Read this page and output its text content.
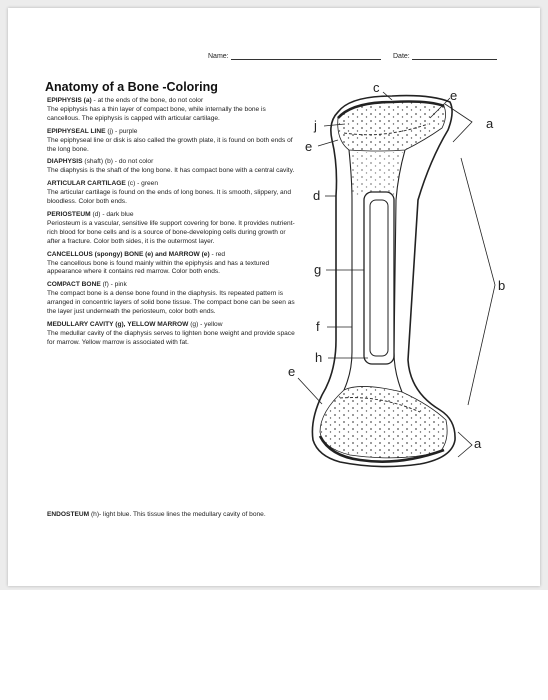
Name:	Date:
Anatomy of a Bone -Coloring
EPIPHYSIS (a) - at the ends of the bone, do not color
The epiphysis has a thin layer of compact bone, while internally the bone is cancellous. The epiphysis is capped with articular cartilage.
EPIPHYSEAL LINE (j) - purple
The epiphyseal line or disk is also called the growth plate, it is found on both ends of the long bone.
DIAPHYSIS (shaft) (b) - do not color
The diaphysis is the shaft of the long bone. It has compact bone with a central cavity.
ARTICULAR CARTILAGE (c) - green
The articular cartilage is found on the ends of long bones. It is smooth, slippery, and bloodless. Color both ends.
PERIOSTEUM (d) - dark blue
Periosteum is a vascular, sensitive life support covering for bone. It provides nutrient-rich blood for bone cells and is a source of bone-developing cells during growth or after a fracture. Color both sides, it is the outermost layer.
CANCELLOUS (spongy) BONE (e) and MARROW (e) - red
The cancellous bone is found mainly within the epiphysis and has a textured appearance where it contains red marrow. Color both ends.
COMPACT BONE (f) - pink
The compact bone is a dense bone found in the diaphysis. Its repeated pattern is arranged in concentric layers of solid bone tissue. The compact bone can be seen as the layer just underneath the periosteum, color both ends.
MEDULLARY CAVITY (g), YELLOW MARROW (g) - yellow
The medullar cavity of the diaphysis serves to lighten bone weight and provide space for marrow. Yellow marrow is associated with fat.
ENDOSTEUM (h)- light blue. This tissue lines the medullary cavity of bone.
c
e
a
j
e
d
b
g
f
h
e
a
